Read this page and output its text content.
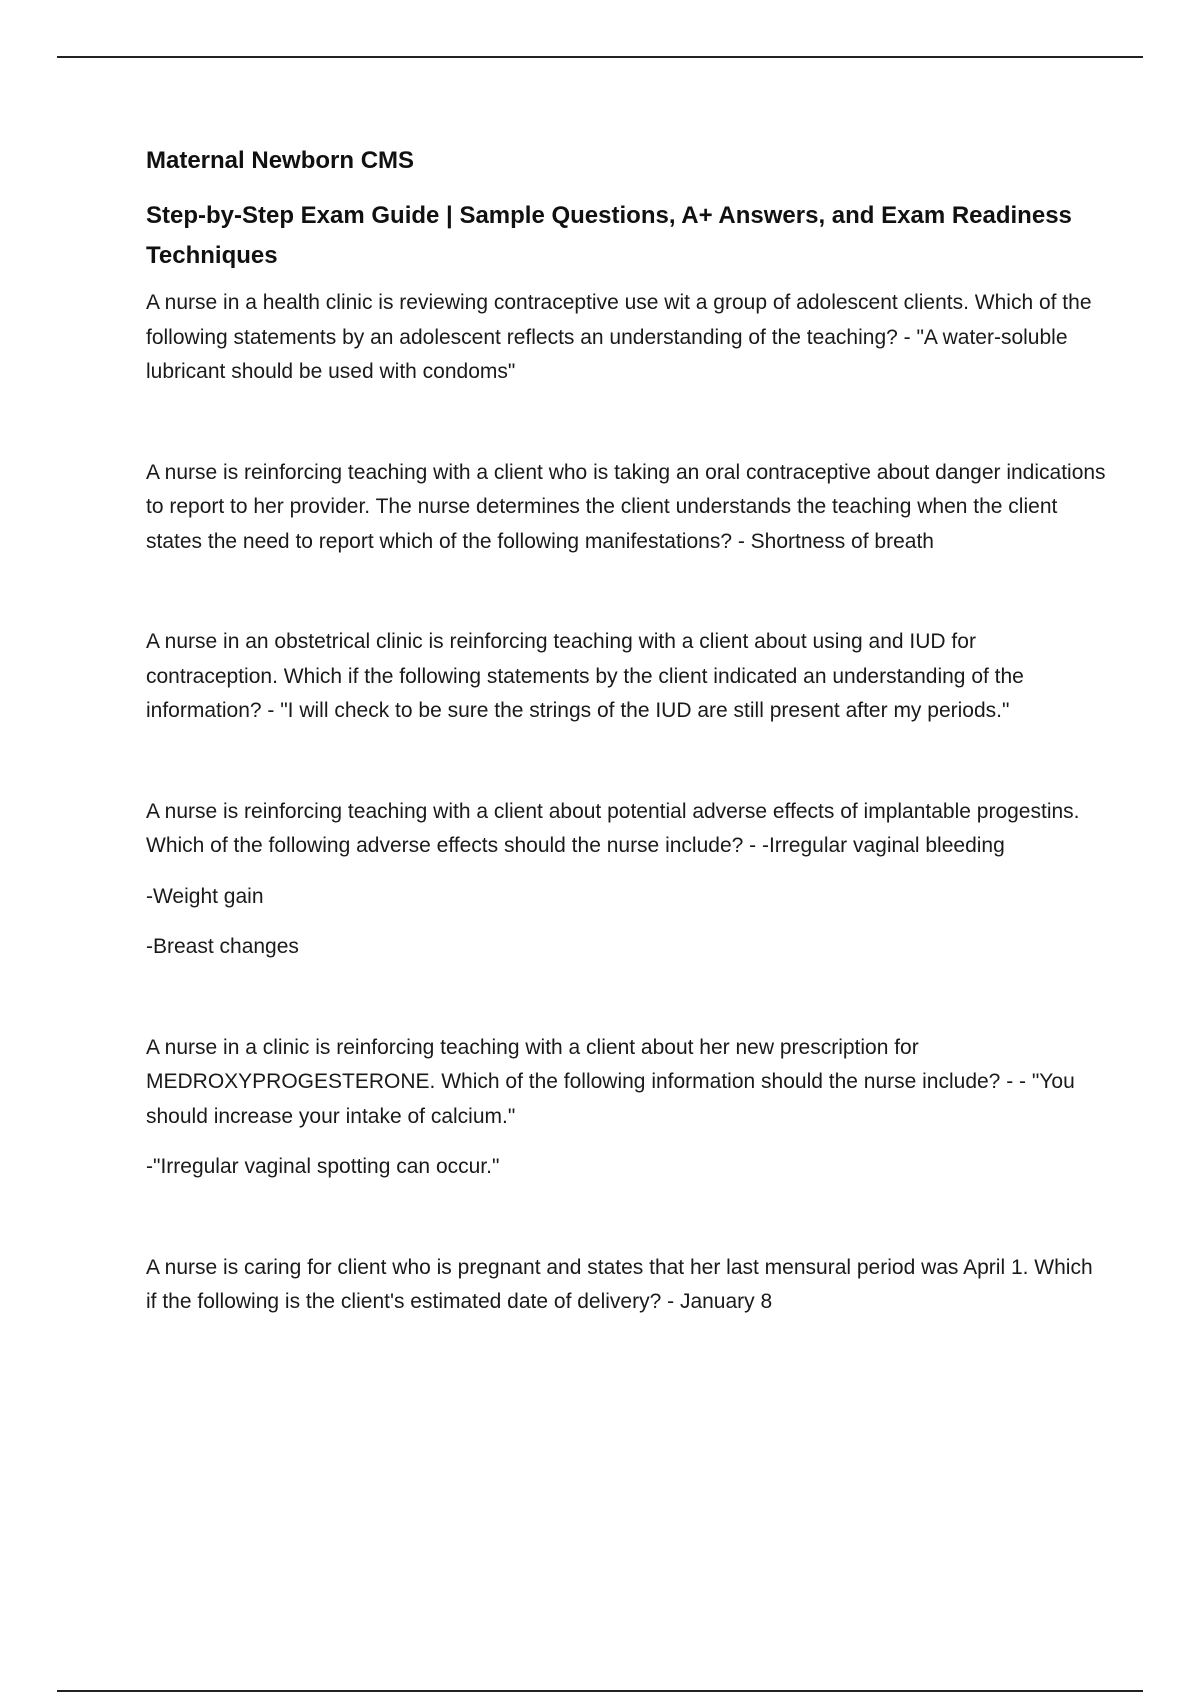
Maternal Newborn CMS
Step-by-Step Exam Guide | Sample Questions, A+ Answers, and Exam Readiness Techniques

A nurse in a health clinic is reviewing contraceptive use wit a group of adolescent clients. Which of the following statements by an adolescent reflects an understanding of the teaching? - "A water-soluble lubricant should be used with condoms"

A nurse is reinforcing teaching with a client who is taking an oral contraceptive about danger indications to report to her provider. The nurse determines the client understands the teaching when the client states the need to report which of the following manifestations? - Shortness of breath

A nurse in an obstetrical clinic is reinforcing teaching with a client about using and IUD for contraception. Which if the following statements by the client indicated an understanding of the information? - "I will check to be sure the strings of the IUD are still present after my periods."

A nurse is reinforcing teaching with a client about potential adverse effects of implantable progestins. Which of the following adverse effects should the nurse include? - -Irregular vaginal bleeding

-Weight gain

-Breast changes

A nurse in a clinic is reinforcing teaching with a client about her new prescription for MEDROXYPROGESTERONE. Which of the following information should the nurse include? - - "You should increase your intake of calcium."

-"Irregular vaginal spotting can occur."

A nurse is caring for client who is pregnant and states that her last mensural period was April 1. Which if the following is the client's estimated date of delivery? - January 8
